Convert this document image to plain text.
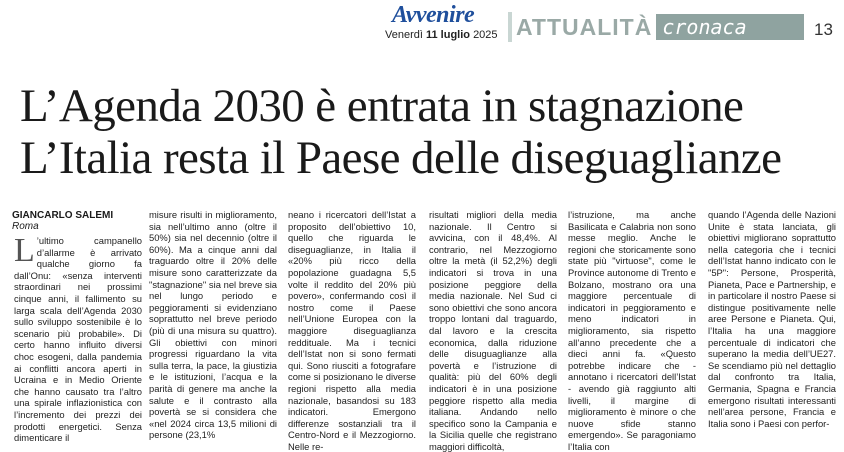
Avvenire
Venerdì 11 luglio 2025 ATTUALITÀ cronaca	13
L’Agenda 2030 è entrata in stagnazione
L’Italia resta il Paese delle diseguaglianze
GIANCARLO SALEMI
Roma
L ’ultimo campanello d’allarme è arrivato qualche giorno fa dall’Onu: «senza interventi straordinari nei prossimi cinque anni, il fallimento su larga scala dell’Agenda 2030 sullo sviluppo sostenibile è lo scenario più probabile». Di certo hanno influito diversi choc esogeni, dalla pandemia ai conflitti ancora aperti in Ucraina e in Medio Oriente che hanno causato tra l’altro una spirale inflazionistica con l’incremento dei prezzi dei prodotti energetici. Senza dimenticare il

misure risulti in miglioramento, sia nell’ultimo anno (oltre il 50%) sia nel decennio (oltre il 60%). Ma a cinque anni dal traguardo oltre il 20% delle misure sono caratterizzate da "stagnazione" sia nel breve sia nel lungo periodo e peggioramenti si evidenziano soprattutto nel breve periodo (più di una misura su quattro). Gli obiettivi con minori progressi riguardano la vita sulla terra, la pace, la giustizia e le istituzioni, l’acqua e la parità di genere ma anche la salute e il contrasto alla povertà se si considera che «nel 2024 circa 13,5 milioni di persone (23,1%

neano i ricercatori dell’Istat a proposito dell’obiettivo 10, quello che riguarda le diseguaglianze, in Italia il «20% più ricco della popolazione guadagna 5,5 volte il reddito del 20% più povero», confermando così il nostro come il Paese nell’Unione Europea con la maggiore diseguaglianza reddituale. Ma i tecnici dell’Istat non si sono fermati qui. Sono riusciti a fotografare come si posizionano le diverse regioni rispetto alla media nazionale, basandosi su 183 indicatori. Emergono differenze sostanziali tra il Centro-Nord e il Mezzogiorno. Nelle re-

risultati migliori della media nazionale. Il Centro si avvicina, con il 48,4%. Al contrario, nel Mezzogiorno oltre la metà (il 52,2%) degli indicatori si trova in una posizione peggiore della media nazionale. Nel Sud ci sono obiettivi che sono ancora troppo lontani dal traguardo, dal lavoro e la crescita economica, dalla riduzione delle disuguaglianze alla povertà e l’istruzione di qualità: più del 60% degli indicatori è in una posizione peggiore rispetto alla media italiana. Andando nello specifico sono la Campania e la Sicilia quelle che registrano maggiori difficoltà,

l’istruzione, ma anche Basilicata e Calabria non sono messe meglio. Anche le regioni che storicamente sono state più "virtuose", come le Province autonome di Trento e Bolzano, mostrano ora una maggiore percentuale di indicatori in peggioramento e meno indicatori in miglioramento, sia rispetto all’anno precedente che a dieci anni fa. «Questo potrebbe indicare che - annotano i ricercatori dell’Istat - avendo già raggiunto alti livelli, il margine di miglioramento è minore o che nuove sfide stanno emergendo». Se paragoniamo l’Italia con

quando l’Agenda delle Nazioni Unite è stata lanciata, gli obiettivi migliorano soprattutto nella categoria che i tecnici dell’Istat hanno indicato con le "5P": Persone, Prosperità, Pianeta, Pace e Partnership, e in particolare il nostro Paese si distingue positivamente nelle aree Persone e Pianeta. Qui, l’Italia ha una maggiore percentuale di indicatori che superano la media dell’UE27. Se scendiamo più nel dettaglio dal confronto tra Italia, Germania, Spagna e Francia emergono risultati interessanti nell’area persone, Francia e Italia sono i Paesi con perfor-
